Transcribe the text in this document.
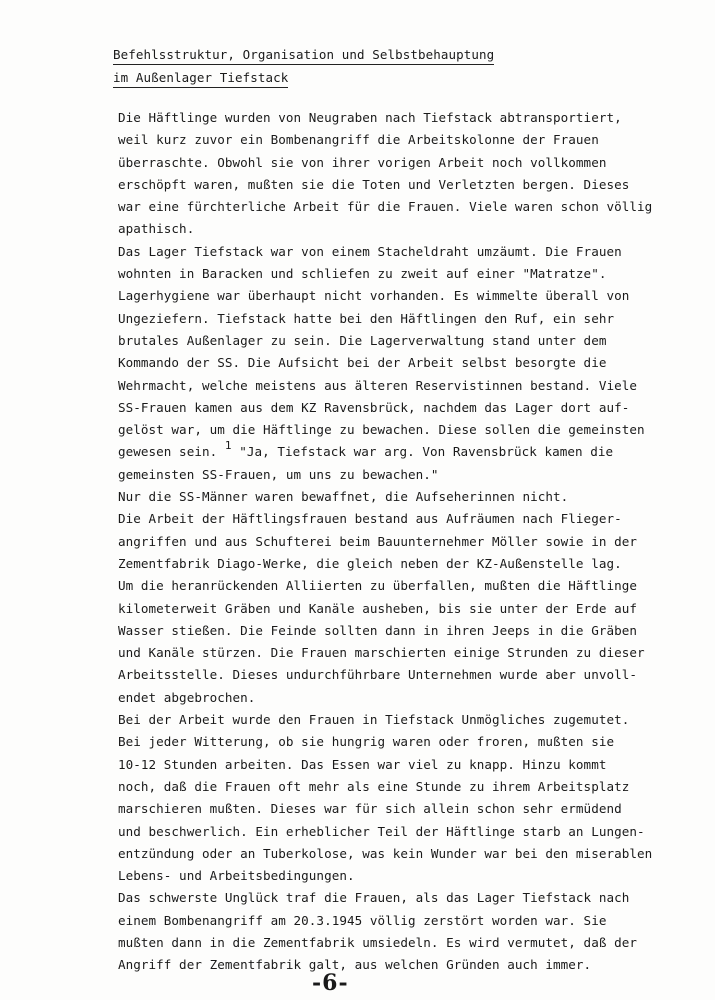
Befehlsstruktur, Organisation und Selbstbehauptung
im Außenlager Tiefstack
Die Häftlinge wurden von Neugraben nach Tiefstack abtransportiert,
weil kurz zuvor ein Bombenangriff die Arbeitskolonne der Frauen
überraschte. Obwohl sie von ihrer vorigen Arbeit noch vollkommen
erschöpft waren, mußten sie die Toten und Verletzten bergen. Dieses
war eine fürchterliche Arbeit für die Frauen. Viele waren schon völlig
apathisch.
Das Lager Tiefstack war von einem Stacheldraht umzäumt. Die Frauen
wohnten in Baracken und schliefen zu zweit auf einer "Matratze".
Lagerhygiene war überhaupt nicht vorhanden. Es wimmelte überall von
Ungeziefern. Tiefstack hatte bei den Häftlingen den Ruf, ein sehr
brutales Außenlager zu sein. Die Lagerverwaltung stand unter dem
Kommando der SS. Die Aufsicht bei der Arbeit selbst besorgte die
Wehrmacht, welche meistens aus älteren Reservistinnen bestand. Viele
SS-Frauen kamen aus dem KZ Ravensbrück, nachdem das Lager dort auf-
gelöst war, um die Häftlinge zu bewachen. Diese sollen die gemeinsten
gewesen sein. 1 "Ja, Tiefstack war arg. Von Ravensbrück kamen die
gemeinsten SS-Frauen, um uns zu bewachen."
Nur die SS-Männer waren bewaffnet, die Aufseherinnen nicht.
Die Arbeit der Häftlingsfrauen bestand aus Aufräumen nach Flieger-
angriffen und aus Schufterei beim Bauunternehmer Möller sowie in der
Zementfabrik Diago-Werke, die gleich neben der KZ-Außenstelle lag.
Um die heranrückenden Alliierten zu überfallen, mußten die Häftlinge
kilometerweit Gräben und Kanäle ausheben, bis sie unter der Erde auf
Wasser stießen. Die Feinde sollten dann in ihren Jeeps in die Gräben
und Kanäle stürzen. Die Frauen marschierten einige Strunden zu dieser
Arbeitsstelle. Dieses undurchführbare Unternehmen wurde aber unvoll-
endet abgebrochen.
Bei der Arbeit wurde den Frauen in Tiefstack Unmögliches zugemutet.
Bei jeder Witterung, ob sie hungrig waren oder froren, mußten sie
10-12 Stunden arbeiten. Das Essen war viel zu knapp. Hinzu kommt
noch, daß die Frauen oft mehr als eine Stunde zu ihrem Arbeitsplatz
marschieren mußten. Dieses war für sich allein schon sehr ermüdend
und beschwerlich. Ein erheblicher Teil der Häftlinge starb an Lungen-
entzündung oder an Tuberkolose, was kein Wunder war bei den miserablen
Lebens- und Arbeitsbedingungen.
Das schwerste Unglück traf die Frauen, als das Lager Tiefstack nach
einem Bombenangriff am 20.3.1945 völlig zerstört worden war. Sie
mußten dann in die Zementfabrik umsiedeln. Es wird vermutet, daß der
Angriff der Zementfabrik galt, aus welchen Gründen auch immer.
-6-
